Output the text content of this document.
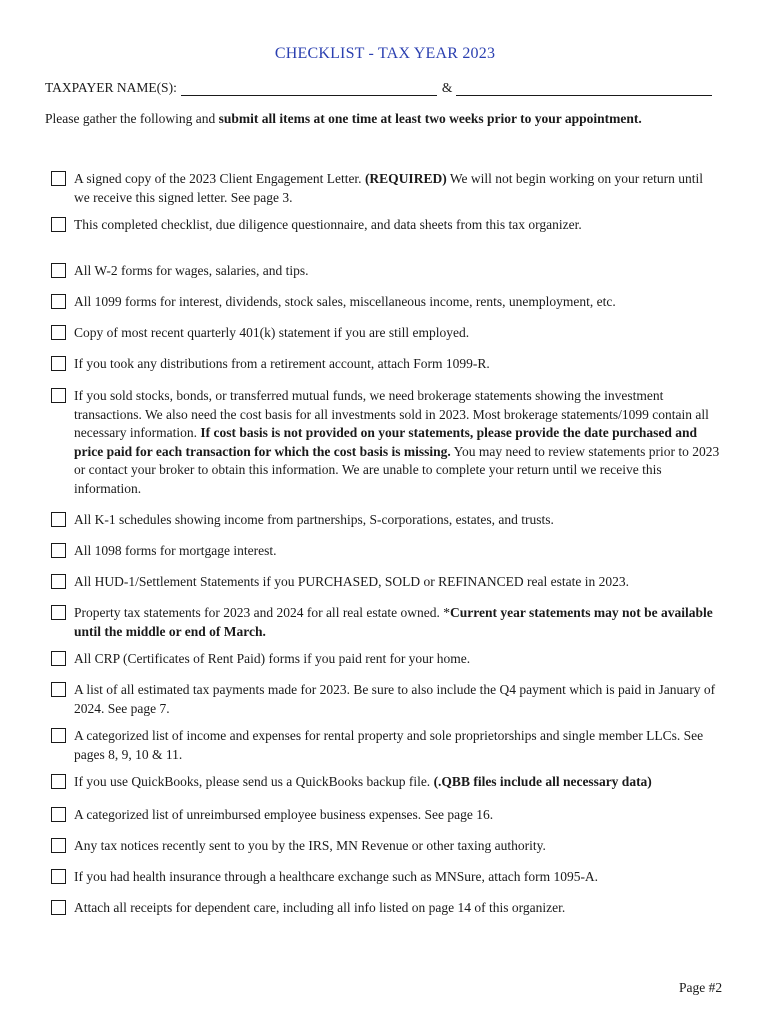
CHECKLIST - TAX YEAR 2023
TAXPAYER NAME(S):	&
Please gather the following and submit all items at one time at least two weeks prior to your appointment.
A signed copy of the 2023 Client Engagement Letter. (REQUIRED) We will not begin working on your return until we receive this signed letter. See page 3.
This completed checklist, due diligence questionnaire, and data sheets from this tax organizer.
All W-2 forms for wages, salaries, and tips.
All 1099 forms for interest, dividends, stock sales, miscellaneous income, rents, unemployment, etc.
Copy of most recent quarterly 401(k) statement if you are still employed.
If you took any distributions from a retirement account, attach Form 1099-R.
If you sold stocks, bonds, or transferred mutual funds, we need brokerage statements showing the investment transactions. We also need the cost basis for all investments sold in 2023. Most brokerage statements/1099 contain all necessary information. If cost basis is not provided on your statements, please provide the date purchased and price paid for each transaction for which the cost basis is missing. You may need to review statements prior to 2023 or contact your broker to obtain this information. We are unable to complete your return until we receive this information.
All K-1 schedules showing income from partnerships, S-corporations, estates, and trusts.
All 1098 forms for mortgage interest.
All HUD-1/Settlement Statements if you PURCHASED, SOLD or REFINANCED real estate in 2023.
Property tax statements for 2023 and 2024 for all real estate owned. *Current year statements may not be available until the middle or end of March.
All CRP (Certificates of Rent Paid) forms if you paid rent for your home.
A list of all estimated tax payments made for 2023. Be sure to also include the Q4 payment which is paid in January of 2024. See page 7.
A categorized list of income and expenses for rental property and sole proprietorships and single member LLCs. See pages 8, 9, 10 & 11.
If you use QuickBooks, please send us a QuickBooks backup file. (.QBB files include all necessary data)
A categorized list of unreimbursed employee business expenses. See page 16.
Any tax notices recently sent to you by the IRS, MN Revenue or other taxing authority.
If you had health insurance through a healthcare exchange such as MNSure, attach form 1095-A.
Attach all receipts for dependent care, including all info listed on page 14 of this organizer.
Page #2
